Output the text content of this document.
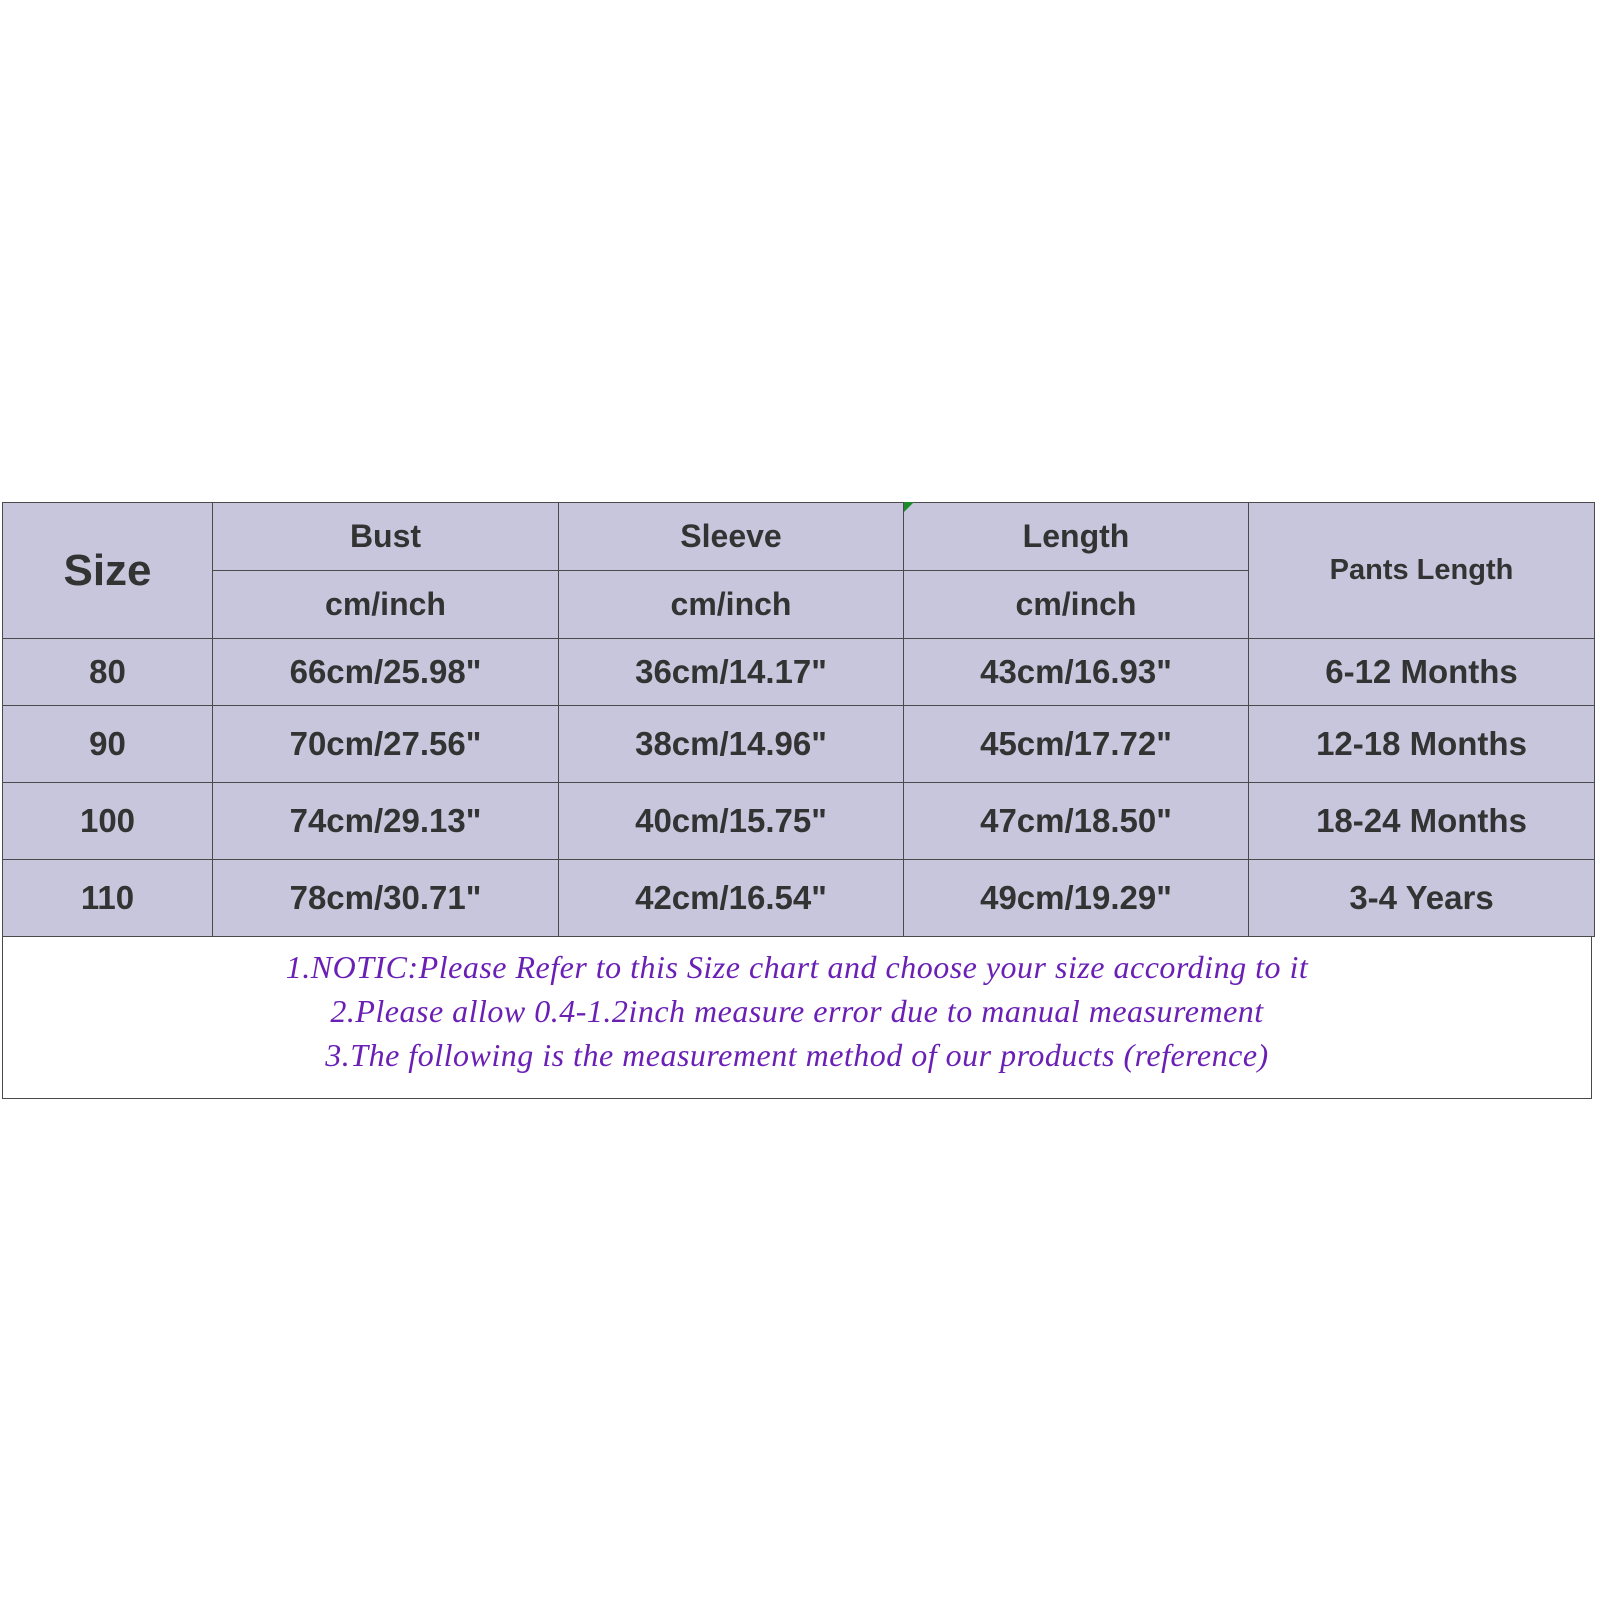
Size	Bust	Sleeve	Length	Pants Length
	cm/inch	cm/inch	cm/inch	
80	66cm/25.98"	36cm/14.17"	43cm/16.93"	6-12 Months
90	70cm/27.56"	38cm/14.96"	45cm/17.72"	12-18 Months
100	74cm/29.13"	40cm/15.75"	47cm/18.50"	18-24 Months
110	78cm/30.71"	42cm/16.54"	49cm/19.29"	3-4 Years
1.NOTIC:Please Refer to this Size chart and choose your size according to it
2.Please allow 0.4-1.2inch measure error due to manual measurement
3.The following is the measurement method of our products (reference)
